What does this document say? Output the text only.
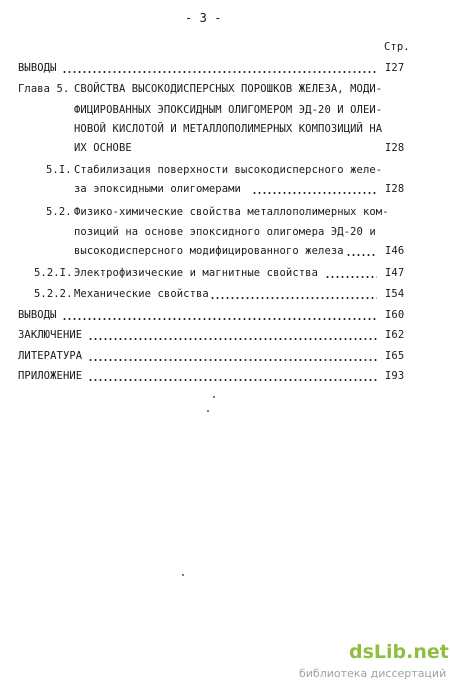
- 3 -
Стр.
ВЫВОДЫ	I27
Глава 5. СВОЙСТВА ВЫСОКОДИСПЕРСНЫХ ПОРОШКОВ ЖЕЛЕЗА, МОДИ-
ФИЦИРОВАННЫХ ЭПОКСИДНЫМ ОЛИГОМЕРОМ ЭД-20 И ОЛЕИ-
НОВОЙ КИСЛОТОЙ И МЕТАЛЛОПОЛИМЕРНЫХ КОМПОЗИЦИЙ НА
ИХ ОСНОВЕ	I28
5.I. Стабилизация поверхности высокодисперсного желе-
за эпоксидными олигомерами	I28
5.2. Физико-химические свойства металлополимерных ком-
позиций на основе эпоксидного олигомера ЭД-20 и
высокодисперсного модифицированного железа	I46
5.2.I. Электрофизические и магнитные свойства	I47
5.2.2. Механические свойства	I54
ВЫВОДЫ	I60
ЗАКЛЮЧЕНИЕ	I62
ЛИТЕРАТУРА	I65
ПРИЛОЖЕНИЕ	I93
dsLib.net
библиотека диссертаций
